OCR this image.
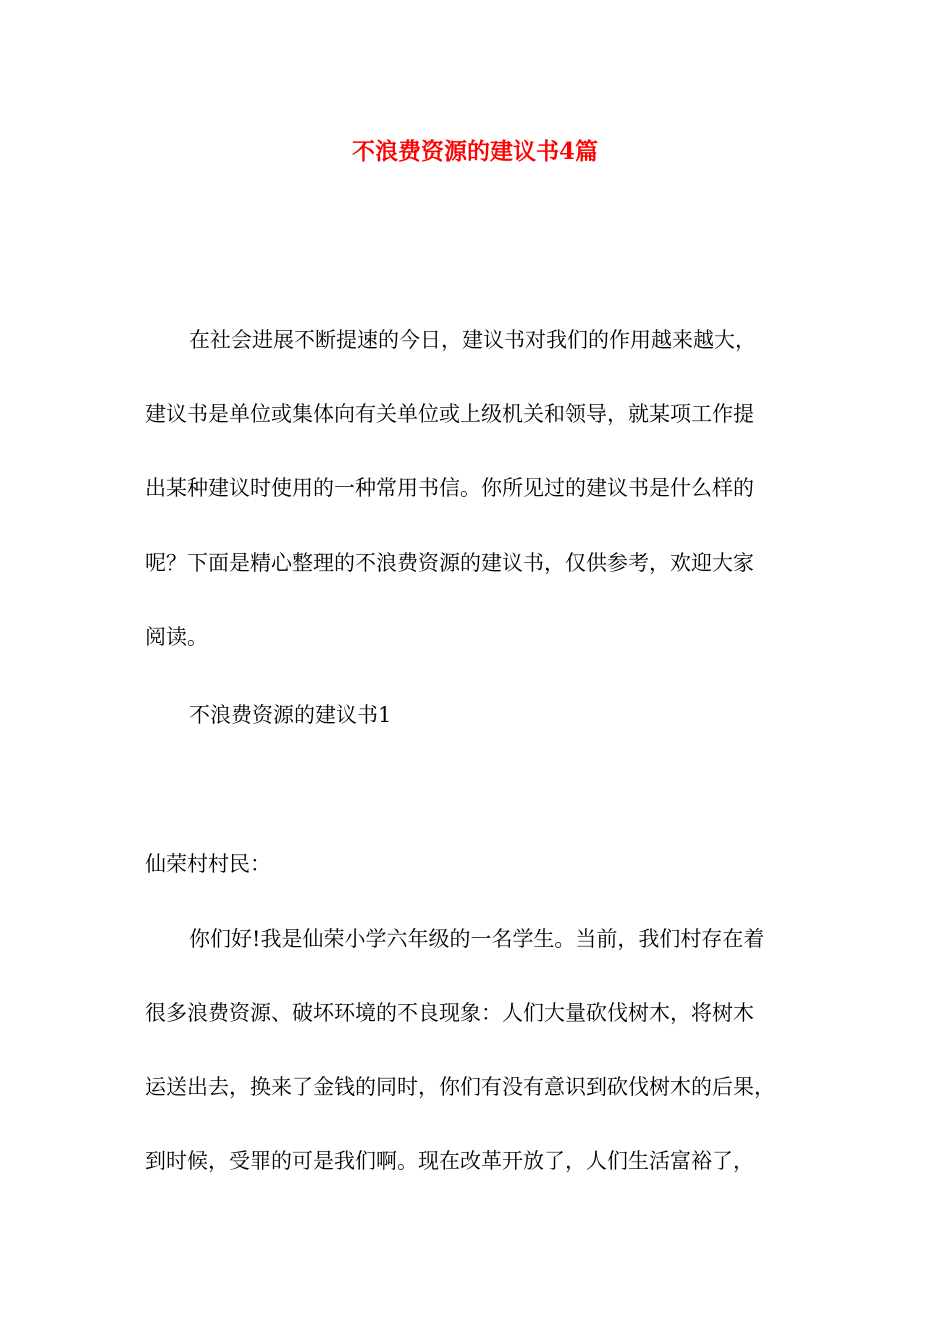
不浪费资源的建议书4篇
在社会进展不断提速的今日，建议书对我们的作用越来越大，
建议书是单位或集体向有关单位或上级机关和领导，就某项工作提
出某种建议时使用的一种常用书信。你所见过的建议书是什么样的
呢？下面是精心整理的不浪费资源的建议书，仅供参考，欢迎大家
阅读。
不浪费资源的建议书1
仙荣村村民：
你们好!我是仙荣小学六年级的一名学生。当前，我们村存在着
很多浪费资源、破坏环境的不良现象：人们大量砍伐树木，将树木
运送出去，换来了金钱的同时，你们有没有意识到砍伐树木的后果，
到时候，受罪的可是我们啊。现在改革开放了，人们生活富裕了，
